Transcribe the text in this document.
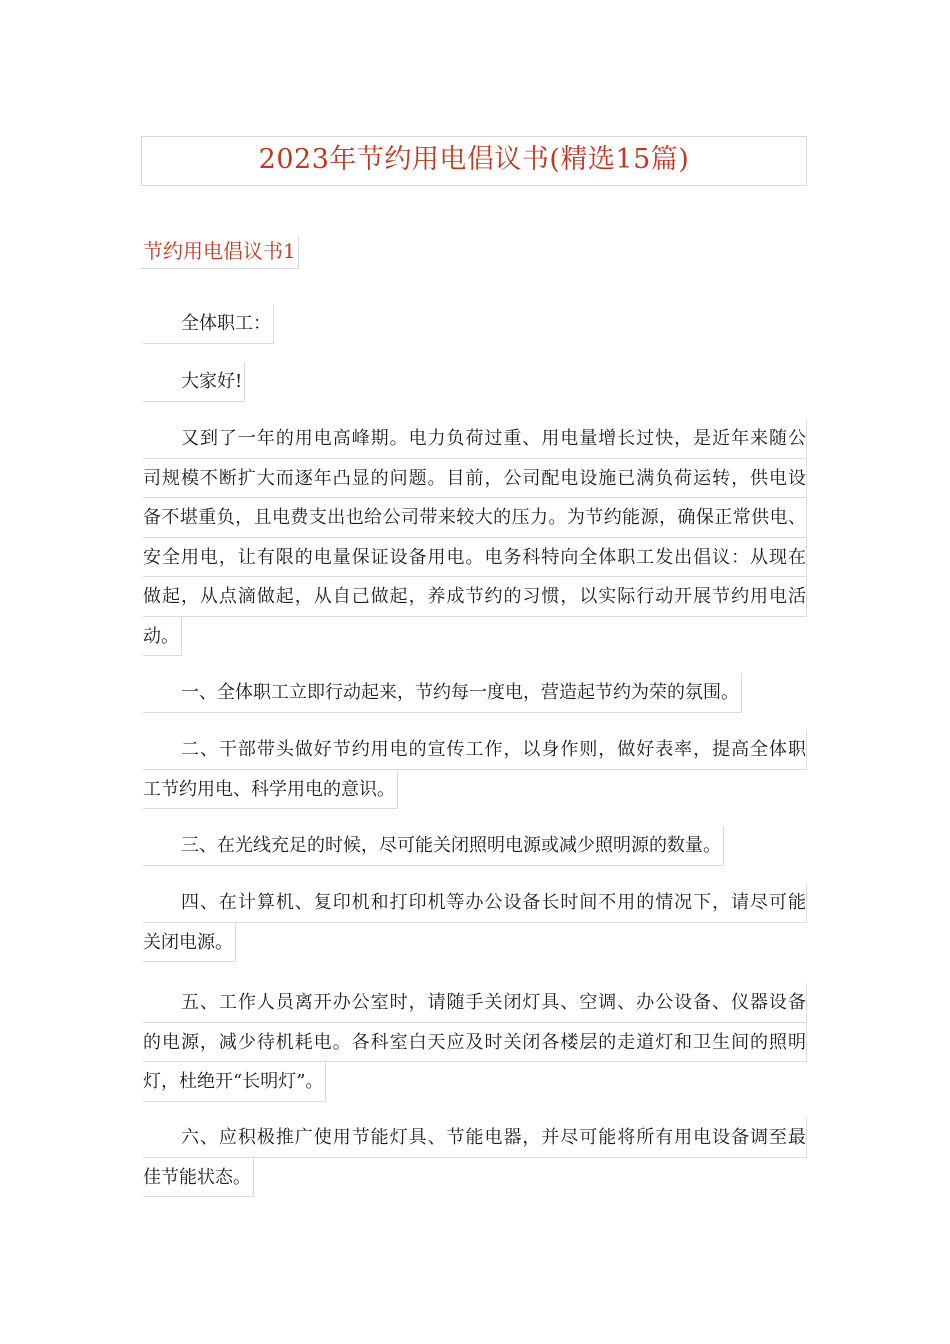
2023年节约用电倡议书(精选15篇)
节约用电倡议书1
全体职工：
大家好!
又到了一年的用电高峰期。电力负荷过重、用电量增长过快，是近年来随公
司规模不断扩大而逐年凸显的问题。目前，公司配电设施已满负荷运转，供电设
备不堪重负，且电费支出也给公司带来较大的压力。为节约能源，确保正常供电、
安全用电，让有限的电量保证设备用电。电务科特向全体职工发出倡议：从现在
做起，从点滴做起，从自己做起，养成节约的习惯，以实际行动开展节约用电活
动。
一、全体职工立即行动起来，节约每一度电，营造起节约为荣的氛围。
二、干部带头做好节约用电的宣传工作，以身作则，做好表率，提高全体职
工节约用电、科学用电的意识。
三、在光线充足的时候，尽可能关闭照明电源或减少照明源的数量。
四、在计算机、复印机和打印机等办公设备长时间不用的情况下，请尽可能
关闭电源。
五、工作人员离开办公室时，请随手关闭灯具、空调、办公设备、仪器设备
的电源，减少待机耗电。各科室白天应及时关闭各楼层的走道灯和卫生间的照明
灯，杜绝开“长明灯”。
六、应积极推广使用节能灯具、节能电器，并尽可能将所有用电设备调至最
佳节能状态。
